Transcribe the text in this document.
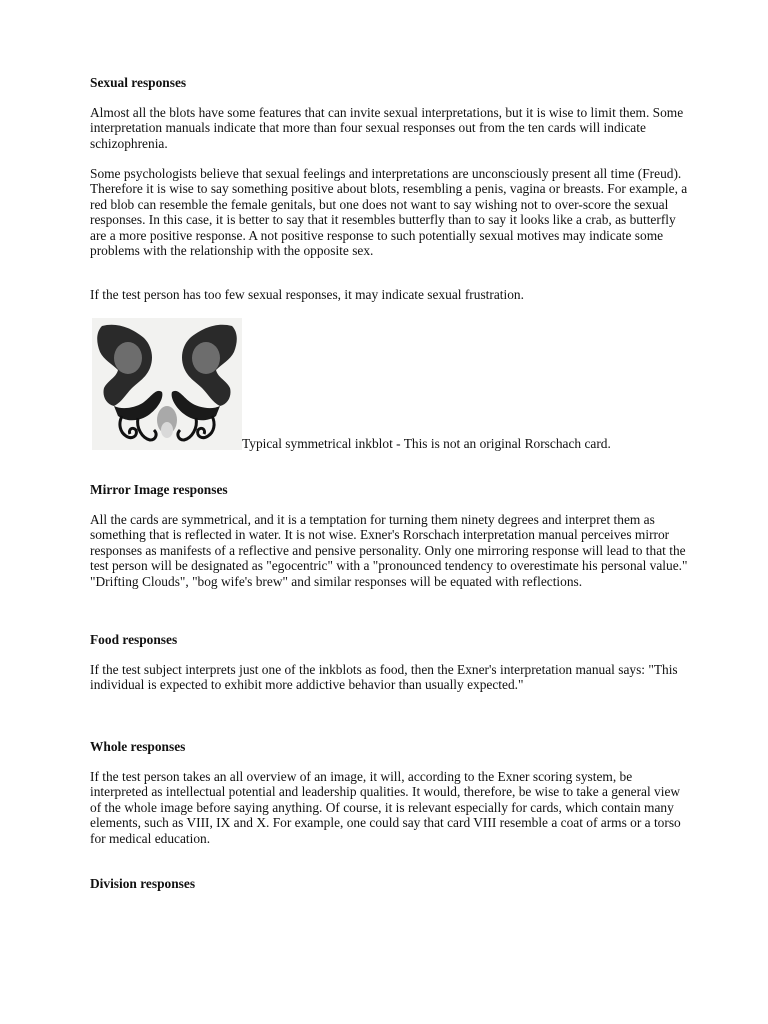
Sexual responses

Almost all the blots have some features that can invite sexual interpretations, but it is wise to limit them. Some interpretation manuals indicate that more than four sexual responses out from the ten cards will indicate schizophrenia.

Some psychologists believe that sexual feelings and interpretations are unconsciously present all time (Freud). Therefore it is wise to say something positive about blots, resembling a penis, vagina or breasts. For example, a red blob can resemble the female genitals, but one does not want to say wishing not to over-score the sexual responses. In this case, it is better to say that it resembles butterfly than to say it looks like a crab, as butterfly are a more positive response. A not positive response to such potentially sexual motives may indicate some problems with the relationship with the opposite sex.

If the test person has too few sexual responses, it may indicate sexual frustration.

Typical symmetrical inkblot - This is not an original Rorschach card.
Mirror Image responses

All the cards are symmetrical, and it is a temptation for turning them ninety degrees and interpret them as something that is reflected in water. It is not wise. Exner's Rorschach interpretation manual perceives mirror responses as manifests of a reflective and pensive personality. Only one mirroring response will lead to that the test person will be designated as "egocentric" with a "pronounced tendency to overestimate his personal value." "Drifting Clouds", "bog wife's brew" and similar responses will be equated with reflections.

Food responses

If the test subject interprets just one of the inkblots as food, then the Exner's interpretation manual says: "This individual is expected to exhibit more addictive behavior than usually expected."

Whole responses

If the test person takes an all overview of an image, it will, according to the Exner scoring system, be interpreted as intellectual potential and leadership qualities. It would, therefore, be wise to take a general view of the whole image before saying anything. Of course, it is relevant especially for cards, which contain many elements, such as VIII, IX and X. For example, one could say that card VIII resemble a coat of arms or a torso for medical education.

Division responses
